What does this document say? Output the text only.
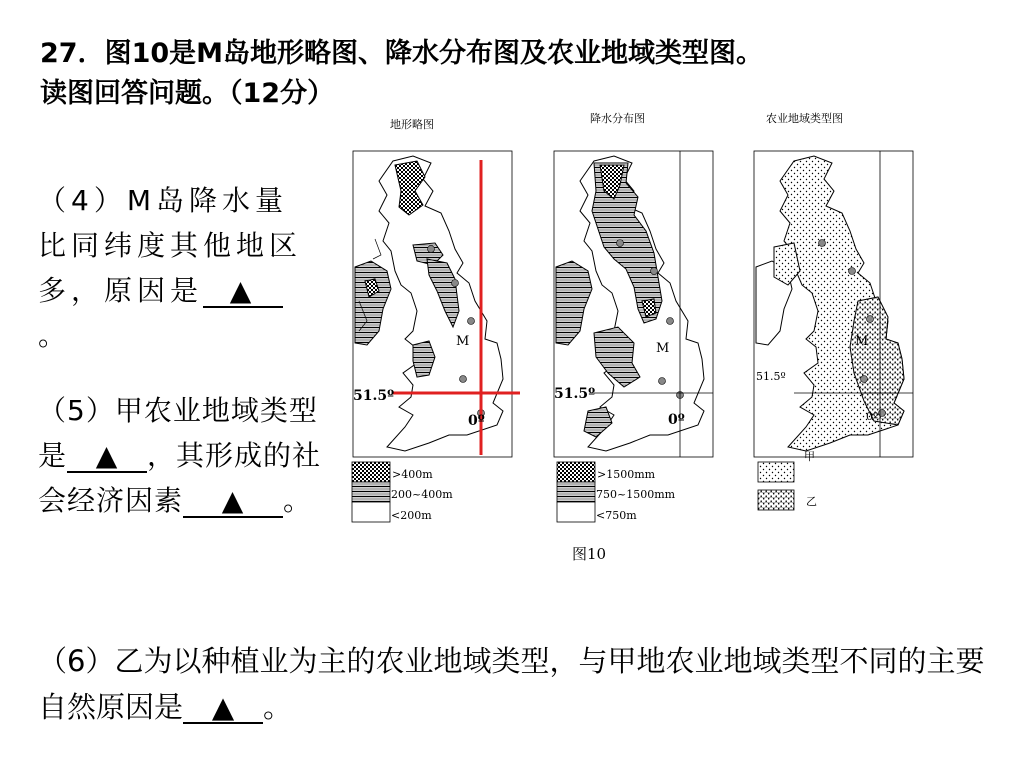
27．图10是M岛地形略图、降水分布图及农业地域类型图。
读图回答问题。（12分）
（4）M岛降水量比同纬度其他地区多，原因是 ▲。
（5）甲农业地域类型是 ▲ ，其形成的社会经济因素 ▲ 。
（6）乙为以种植业为主的农业地域类型，与甲地农业地域类型不同的主要自然原因是 ▲ 。
地形略图	降水分布图	农业地域类型图
M	M	M
51.5º	51.5º
51.5º
0º	0º	0º
>400m
200~400m
<200m
>1500mm
750~1500mm
<750m
甲
乙
图10
